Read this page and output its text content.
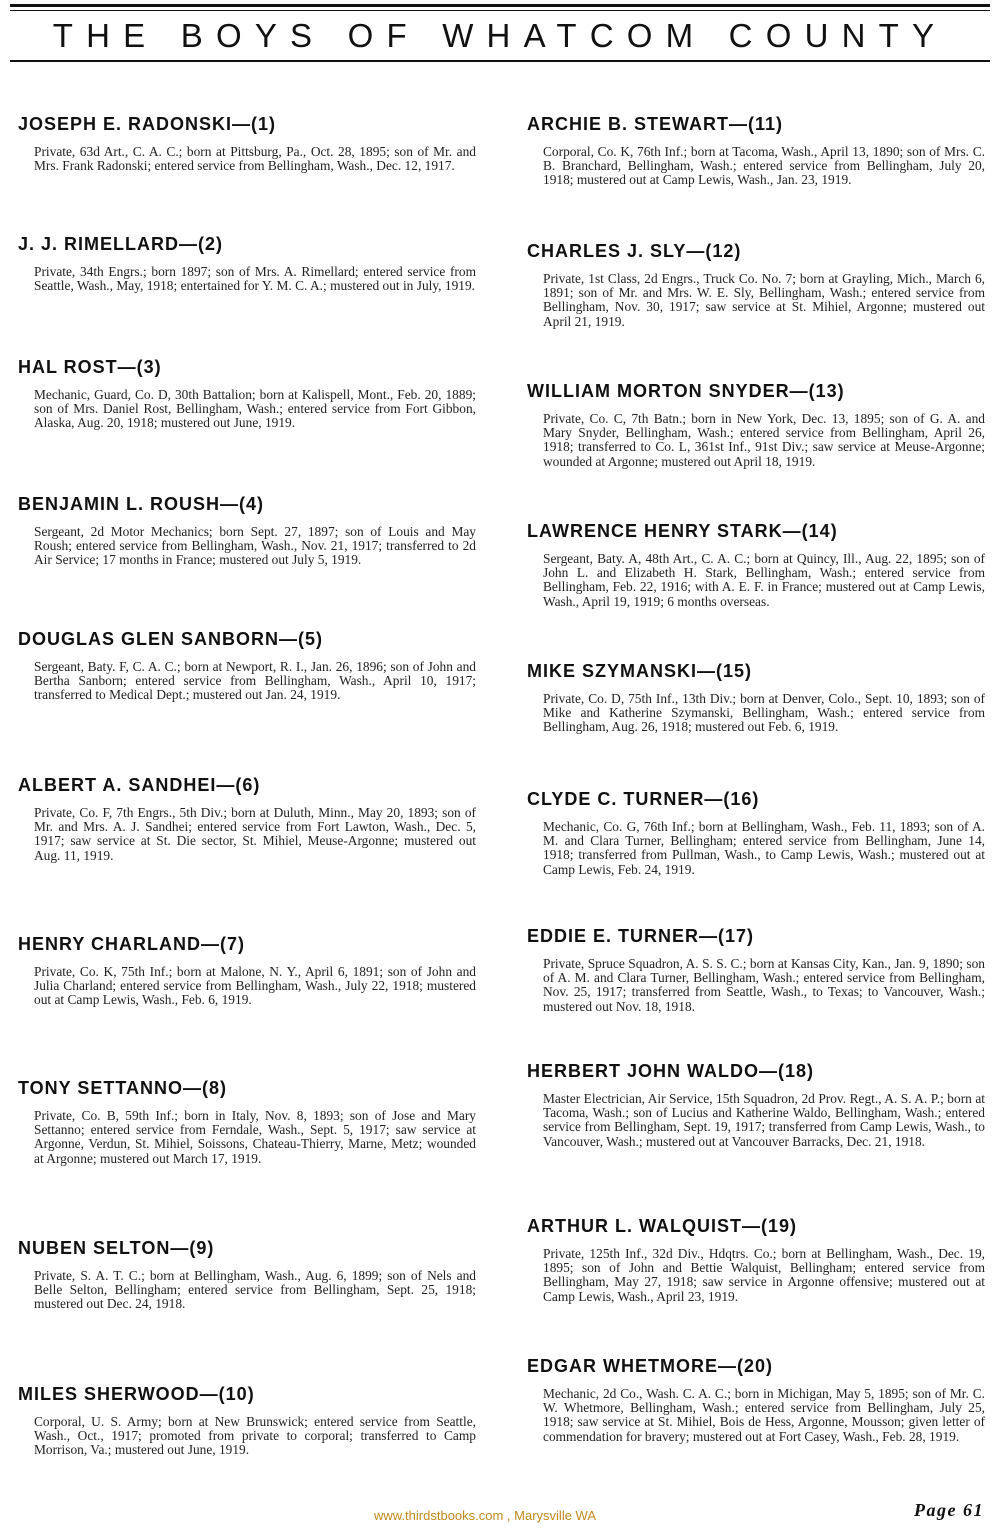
THE BOYS OF WHATCOM COUNTY
JOSEPH E. RADONSKI—(1)
Private, 63d Art., C. A. C.; born at Pittsburg, Pa., Oct. 28, 1895; son of Mr. and Mrs. Frank Radonski; entered service from Bellingham, Wash., Dec. 12, 1917.
J. J. RIMELLARD—(2)
Private, 34th Engrs.; born 1897; son of Mrs. A. Rimellard; entered service from Seattle, Wash., May, 1918; entertained for Y. M. C. A.; mustered out in July, 1919.
HAL ROST—(3)
Mechanic, Guard, Co. D, 30th Battalion; born at Kalispell, Mont., Feb. 20, 1889; son of Mrs. Daniel Rost, Bellingham, Wash.; entered service from Fort Gibbon, Alaska, Aug. 20, 1918; mustered out June, 1919.
BENJAMIN L. ROUSH—(4)
Sergeant, 2d Motor Mechanics; born Sept. 27, 1897; son of Louis and May Roush; entered service from Bellingham, Wash., Nov. 21, 1917; transferred to 2d Air Service; 17 months in France; mustered out July 5, 1919.
DOUGLAS GLEN SANBORN—(5)
Sergeant, Baty. F, C. A. C.; born at Newport, R. I., Jan. 26, 1896; son of John and Bertha Sanborn; entered service from Bellingham, Wash., April 10, 1917; transferred to Medical Dept.; mustered out Jan. 24, 1919.
ALBERT A. SANDHEI—(6)
Private, Co. F, 7th Engrs., 5th Div.; born at Duluth, Minn., May 20, 1893; son of Mr. and Mrs. A. J. Sandhei; entered service from Fort Lawton, Wash., Dec. 5, 1917; saw service at St. Die sector, St. Mihiel, Meuse-Argonne; mustered out Aug. 11, 1919.
HENRY CHARLAND—(7)
Private, Co. K, 75th Inf.; born at Malone, N. Y., April 6, 1891; son of John and Julia Charland; entered service from Bellingham, Wash., July 22, 1918; mustered out at Camp Lewis, Wash., Feb. 6, 1919.
TONY SETTANNO—(8)
Private, Co. B, 59th Inf.; born in Italy, Nov. 8, 1893; son of Jose and Mary Settanno; entered service from Ferndale, Wash., Sept. 5, 1917; saw service at Argonne, Verdun, St. Mihiel, Soissons, Chateau-Thierry, Marne, Metz; wounded at Argonne; mustered out March 17, 1919.
NUBEN SELTON—(9)
Private, S. A. T. C.; born at Bellingham, Wash., Aug. 6, 1899; son of Nels and Belle Selton, Bellingham; entered service from Bellingham, Sept. 25, 1918; mustered out Dec. 24, 1918.
MILES SHERWOOD—(10)
Corporal, U. S. Army; born at New Brunswick; entered service from Seattle, Wash., Oct., 1917; promoted from private to corporal; transferred to Camp Morrison, Va.; mustered out June, 1919.
ARCHIE B. STEWART—(11)
Corporal, Co. K, 76th Inf.; born at Tacoma, Wash., April 13, 1890; son of Mrs. C. B. Branchard, Bellingham, Wash.; entered service from Bellingham, July 20, 1918; mustered out at Camp Lewis, Wash., Jan. 23, 1919.
CHARLES J. SLY—(12)
Private, 1st Class, 2d Engrs., Truck Co. No. 7; born at Grayling, Mich., March 6, 1891; son of Mr. and Mrs. W. E. Sly, Bellingham, Wash.; entered service from Bellingham, Nov. 30, 1917; saw service at St. Mihiel, Argonne; mustered out April 21, 1919.
WILLIAM MORTON SNYDER—(13)
Private, Co. C, 7th Batn.; born in New York, Dec. 13, 1895; son of G. A. and Mary Snyder, Bellingham, Wash.; entered service from Bellingham, April 26, 1918; transferred to Co. L, 361st Inf., 91st Div.; saw service at Meuse-Argonne; wounded at Argonne; mustered out April 18, 1919.
LAWRENCE HENRY STARK—(14)
Sergeant, Baty. A, 48th Art., C. A. C.; born at Quincy, Ill., Aug. 22, 1895; son of John L. and Elizabeth H. Stark, Bellingham, Wash.; entered service from Bellingham, Feb. 22, 1916; with A. E. F. in France; mustered out at Camp Lewis, Wash., April 19, 1919; 6 months overseas.
MIKE SZYMANSKI—(15)
Private, Co. D, 75th Inf., 13th Div.; born at Denver, Colo., Sept. 10, 1893; son of Mike and Katherine Szymanski, Bellingham, Wash.; entered service from Bellingham, Aug. 26, 1918; mustered out Feb. 6, 1919.
CLYDE C. TURNER—(16)
Mechanic, Co. G, 76th Inf.; born at Bellingham, Wash., Feb. 11, 1893; son of A. M. and Clara Turner, Bellingham; entered service from Bellingham, June 14, 1918; transferred from Pullman, Wash., to Camp Lewis, Wash.; mustered out at Camp Lewis, Feb. 24, 1919.
EDDIE E. TURNER—(17)
Private, Spruce Squadron, A. S. S. C.; born at Kansas City, Kan., Jan. 9, 1890; son of A. M. and Clara Turner, Bellingham, Wash.; entered service from Bellingham, Nov. 25, 1917; transferred from Seattle, Wash., to Texas; to Vancouver, Wash.; mustered out Nov. 18, 1918.
HERBERT JOHN WALDO—(18)
Master Electrician, Air Service, 15th Squadron, 2d Prov. Regt., A. S. A. P.; born at Tacoma, Wash.; son of Lucius and Katherine Waldo, Bellingham, Wash.; entered service from Bellingham, Sept. 19, 1917; transferred from Camp Lewis, Wash., to Vancouver, Wash.; mustered out at Vancouver Barracks, Dec. 21, 1918.
ARTHUR L. WALQUIST—(19)
Private, 125th Inf., 32d Div., Hdqtrs. Co.; born at Bellingham, Wash., Dec. 19, 1895; son of John and Bettie Walquist, Bellingham; entered service from Bellingham, May 27, 1918; saw service in Argonne offensive; mustered out at Camp Lewis, Wash., April 23, 1919.
EDGAR WHETMORE—(20)
Mechanic, 2d Co., Wash. C. A. C.; born in Michigan, May 5, 1895; son of Mr. C. W. Whetmore, Bellingham, Wash.; entered service from Bellingham, July 25, 1918; saw service at St. Mihiel, Bois de Hess, Argonne, Mousson; given letter of commendation for bravery; mustered out at Fort Casey, Wash., Feb. 28, 1919.
www.thirdstbooks.com , Marysville WA	Page 61
